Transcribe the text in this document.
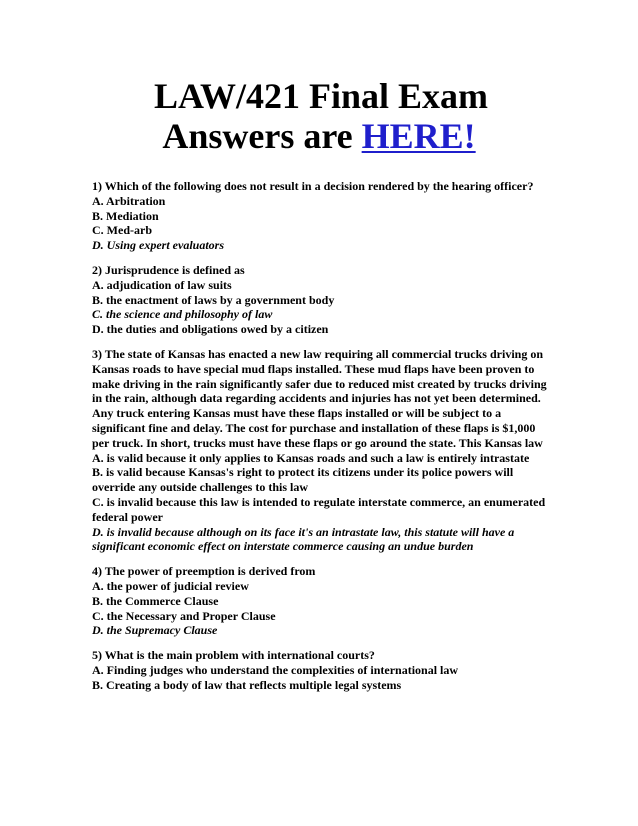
LAW/421 Final Exam
Answers are HERE!
1) Which of the following does not result in a decision rendered by the hearing officer?
A. Arbitration
B. Mediation
C. Med-arb
D. Using expert evaluators
2) Jurisprudence is defined as
A. adjudication of law suits
B. the enactment of laws by a government body
C. the science and philosophy of law
D. the duties and obligations owed by a citizen
3) The state of Kansas has enacted a new law requiring all commercial trucks driving on Kansas roads to have special mud flaps installed. These mud flaps have been proven to make driving in the rain significantly safer due to reduced mist created by trucks driving in the rain, although data regarding accidents and injuries has not yet been determined. Any truck entering Kansas must have these flaps installed or will be subject to a significant fine and delay. The cost for purchase and installation of these flaps is $1,000 per truck. In short, trucks must have these flaps or go around the state. This Kansas law
A. is valid because it only applies to Kansas roads and such a law is entirely intrastate
B. is valid because Kansas's right to protect its citizens under its police powers will override any outside challenges to this law
C. is invalid because this law is intended to regulate interstate commerce, an enumerated federal power
D. is invalid because although on its face it's an intrastate law, this statute will have a significant economic effect on interstate commerce causing an undue burden
4) The power of preemption is derived from
A. the power of judicial review
B. the Commerce Clause
C. the Necessary and Proper Clause
D. the Supremacy Clause
5) What is the main problem with international courts?
A. Finding judges who understand the complexities of international law
B. Creating a body of law that reflects multiple legal systems
